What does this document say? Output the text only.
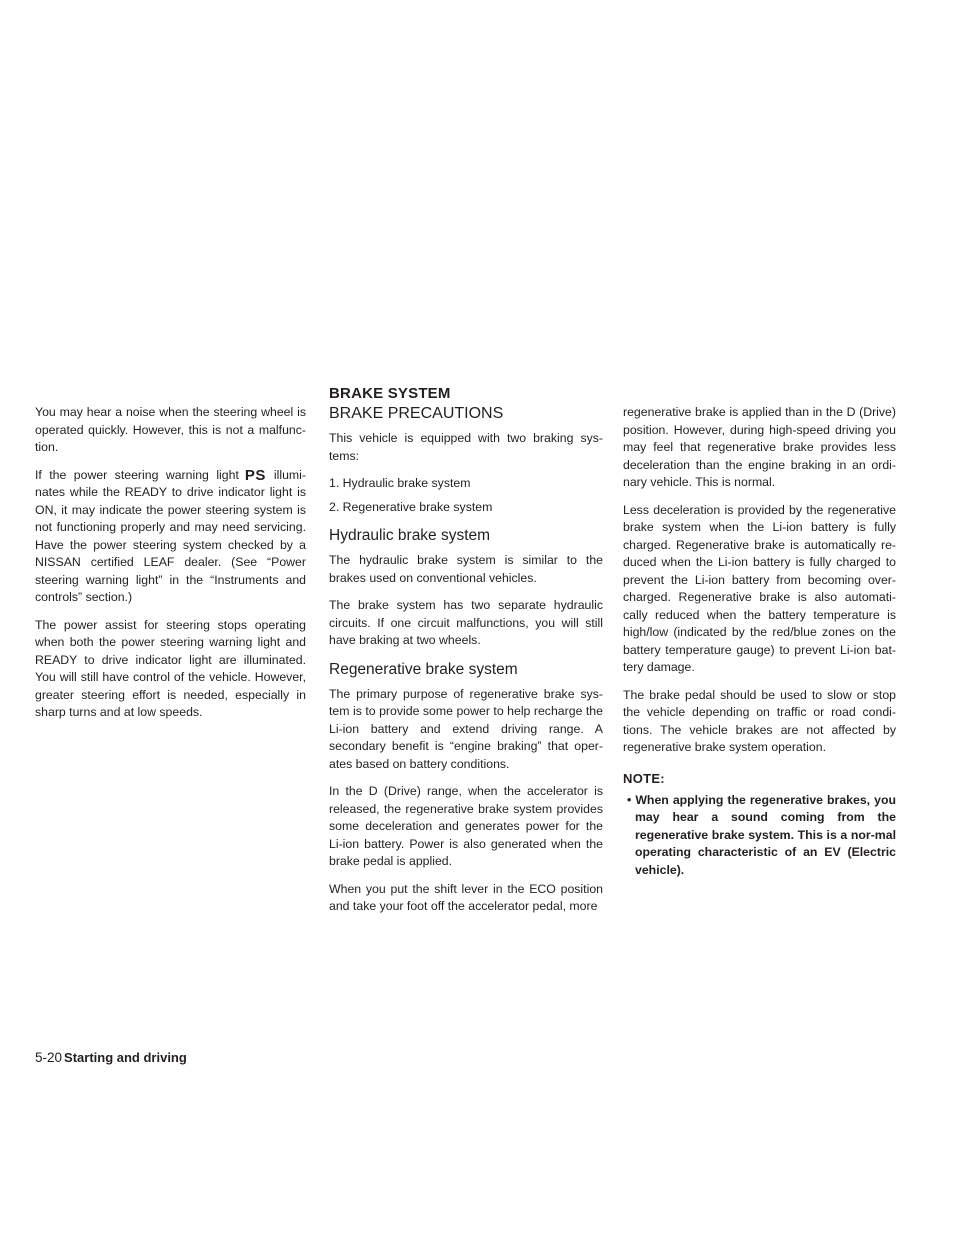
You may hear a noise when the steering wheel is operated quickly. However, this is not a malfunc-tion.

If the power steering warning light PS illumi-nates while the READY to drive indicator light is ON, it may indicate the power steering system is not functioning properly and may need servicing. Have the power steering system checked by a NISSAN certified LEAF dealer. (See “Power steering warning light” in the “Instruments and controls” section.)

The power assist for steering stops operating when both the power steering warning light and READY to drive indicator light are illuminated. You will still have control of the vehicle. However, greater steering effort is needed, especially in sharp turns and at low speeds.

BRAKE SYSTEM
BRAKE PRECAUTIONS

This vehicle is equipped with two braking sys-tems:

1. Hydraulic brake system
2. Regenerative brake system
Hydraulic brake system

The hydraulic brake system is similar to the brakes used on conventional vehicles.

The brake system has two separate hydraulic circuits. If one circuit malfunctions, you will still have braking at two wheels.

Regenerative brake system

The primary purpose of regenerative brake sys-tem is to provide some power to help recharge the Li-ion battery and extend driving range. A secondary benefit is “engine braking” that oper-ates based on battery conditions.

In the D (Drive) range, when the accelerator is released, the regenerative brake system provides some deceleration and generates power for the Li-ion battery. Power is also generated when the brake pedal is applied.

When you put the shift lever in the ECO position and take your foot off the accelerator pedal, more

regenerative brake is applied than in the D (Drive) position. However, during high-speed driving you may feel that regenerative brake provides less deceleration than the engine braking in an ordi-nary vehicle. This is normal.

Less deceleration is provided by the regenerative brake system when the Li-ion battery is fully charged. Regenerative brake is automatically re-duced when the Li-ion battery is fully charged to prevent the Li-ion battery from becoming over-charged. Regenerative brake is also automati-cally reduced when the battery temperature is high/low (indicated by the red/blue zones on the battery temperature gauge) to prevent Li-ion bat-tery damage.

The brake pedal should be used to slow or stop the vehicle depending on traffic or road condi-tions. The vehicle brakes are not affected by regenerative brake system operation.

NOTE:

• When applying the regenerative brakes, you may hear a sound coming from the regenerative brake system. This is a nor-mal operating characteristic of an EV (Electric vehicle).

5-20 Starting and driving
